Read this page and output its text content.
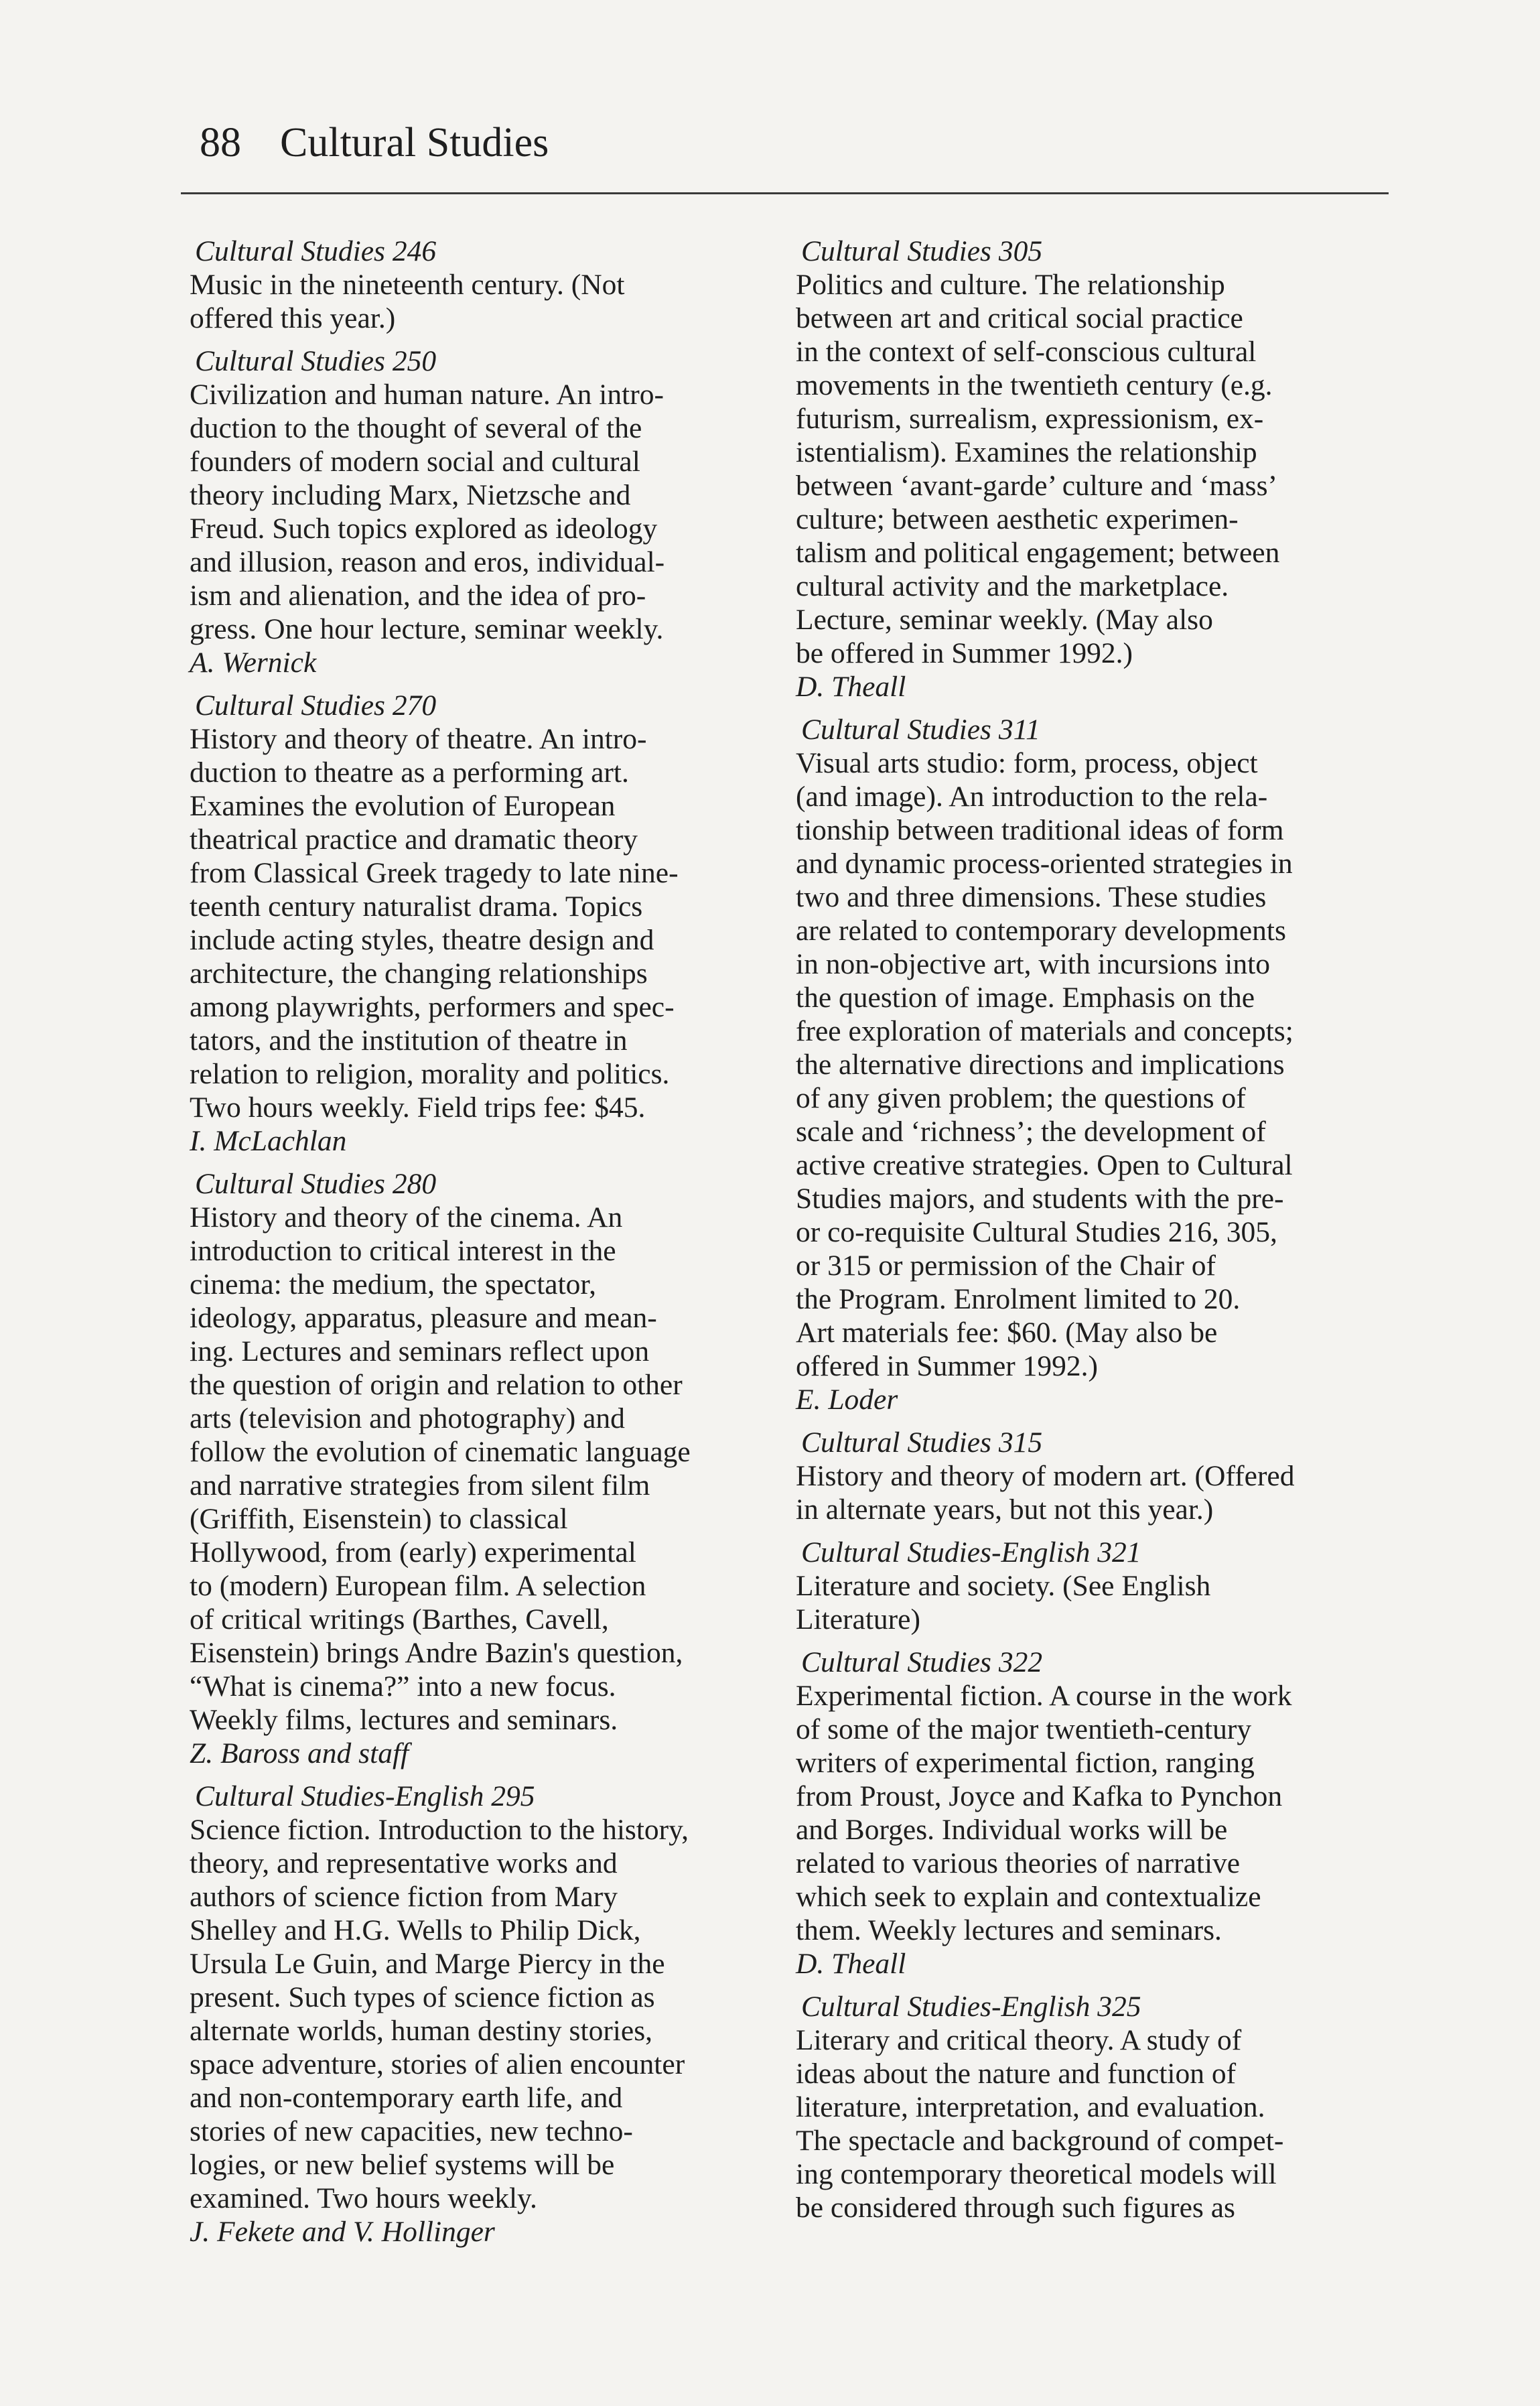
88 Cultural Studies
Cultural Studies 246
Music in the nineteenth century. (Not
offered this year.)
Cultural Studies 250
Civilization and human nature. An intro-
duction to the thought of several of the
founders of modern social and cultural
theory including Marx, Nietzsche and
Freud. Such topics explored as ideology
and illusion, reason and eros, individual-
ism and alienation, and the idea of pro-
gress. One hour lecture, seminar weekly.
A. Wernick
Cultural Studies 270
History and theory of theatre. An intro-
duction to theatre as a performing art.
Examines the evolution of European
theatrical practice and dramatic theory
from Classical Greek tragedy to late nine-
teenth century naturalist drama. Topics
include acting styles, theatre design and
architecture, the changing relationships
among playwrights, performers and spec-
tators, and the institution of theatre in
relation to religion, morality and politics.
Two hours weekly. Field trips fee: $45.
I. McLachlan
Cultural Studies 280
History and theory of the cinema. An
introduction to critical interest in the
cinema: the medium, the spectator,
ideology, apparatus, pleasure and mean-
ing. Lectures and seminars reflect upon
the question of origin and relation to other
arts (television and photography) and
follow the evolution of cinematic language
and narrative strategies from silent film
(Griffith, Eisenstein) to classical
Hollywood, from (early) experimental
to (modern) European film. A selection
of critical writings (Barthes, Cavell,
Eisenstein) brings Andre Bazin's question,
“What is cinema?” into a new focus.
Weekly films, lectures and seminars.
Z. Baross and staff
Cultural Studies-English 295
Science fiction. Introduction to the history,
theory, and representative works and
authors of science fiction from Mary
Shelley and H.G. Wells to Philip Dick,
Ursula Le Guin, and Marge Piercy in the
present. Such types of science fiction as
alternate worlds, human destiny stories,
space adventure, stories of alien encounter
and non-contemporary earth life, and
stories of new capacities, new techno-
logies, or new belief systems will be
examined. Two hours weekly.
J. Fekete and V. Hollinger
Cultural Studies 305
Politics and culture. The relationship
between art and critical social practice
in the context of self-conscious cultural
movements in the twentieth century (e.g.
futurism, surrealism, expressionism, ex-
istentialism). Examines the relationship
between ‘avant-garde’ culture and ‘mass’
culture; between aesthetic experimen-
talism and political engagement; between
cultural activity and the marketplace.
Lecture, seminar weekly. (May also
be offered in Summer 1992.)
D. Theall
Cultural Studies 311
Visual arts studio: form, process, object
(and image). An introduction to the rela-
tionship between traditional ideas of form
and dynamic process-oriented strategies in
two and three dimensions. These studies
are related to contemporary developments
in non-objective art, with incursions into
the question of image. Emphasis on the
free exploration of materials and concepts;
the alternative directions and implications
of any given problem; the questions of
scale and ‘richness’; the development of
active creative strategies. Open to Cultural
Studies majors, and students with the pre-
or co-requisite Cultural Studies 216, 305,
or 315 or permission of the Chair of
the Program. Enrolment limited to 20.
Art materials fee: $60. (May also be
offered in Summer 1992.)
E. Loder
Cultural Studies 315
History and theory of modern art. (Offered
in alternate years, but not this year.)
Cultural Studies-English 321
Literature and society. (See English
Literature)
Cultural Studies 322
Experimental fiction. A course in the work
of some of the major twentieth-century
writers of experimental fiction, ranging
from Proust, Joyce and Kafka to Pynchon
and Borges. Individual works will be
related to various theories of narrative
which seek to explain and contextualize
them. Weekly lectures and seminars.
D. Theall
Cultural Studies-English 325
Literary and critical theory. A study of
ideas about the nature and function of
literature, interpretation, and evaluation.
The spectacle and background of compet-
ing contemporary theoretical models will
be considered through such figures as
